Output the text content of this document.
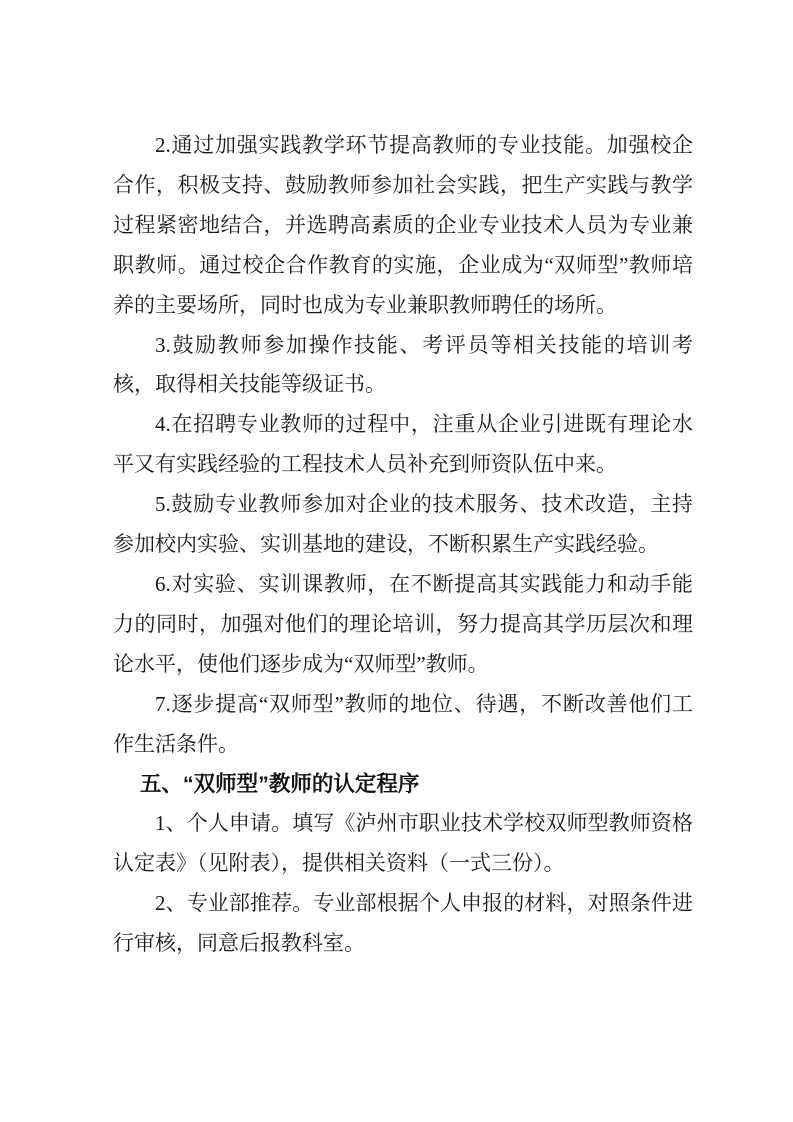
2.通过加强实践教学环节提高教师的专业技能。加强校企合作，积极支持、鼓励教师参加社会实践，把生产实践与教学过程紧密地结合，并选聘高素质的企业专业技术人员为专业兼职教师。通过校企合作教育的实施，企业成为“双师型”教师培养的主要场所，同时也成为专业兼职教师聘任的场所。

3.鼓励教师参加操作技能、考评员等相关技能的培训考核，取得相关技能等级证书。

4.在招聘专业教师的过程中，注重从企业引进既有理论水平又有实践经验的工程技术人员补充到师资队伍中来。

5.鼓励专业教师参加对企业的技术服务、技术改造，主持参加校内实验、实训基地的建设，不断积累生产实践经验。

6.对实验、实训课教师，在不断提高其实践能力和动手能力的同时，加强对他们的理论培训，努力提高其学历层次和理论水平，使他们逐步成为“双师型”教师。

7.逐步提高“双师型”教师的地位、待遇，不断改善他们工作生活条件。

五、“双师型”教师的认定程序

1、个人申请。填写《泸州市职业技术学校双师型教师资格认定表》（见附表），提供相关资料（一式三份）。

2、专业部推荐。专业部根据个人申报的材料，对照条件进行审核，同意后报教科室。
